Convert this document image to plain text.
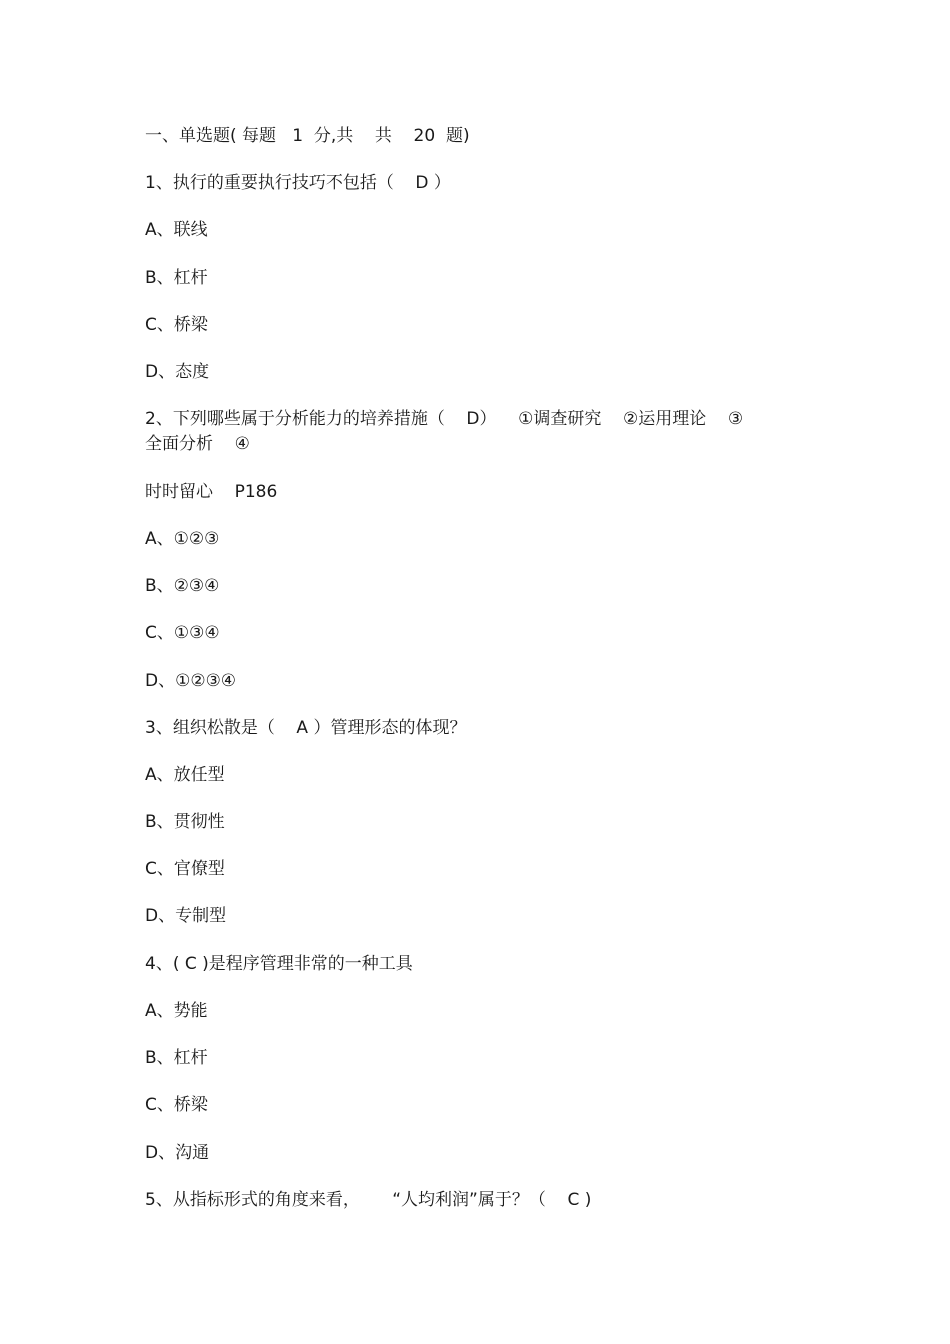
一、单选题( 每题   1  分,共    共    20  题)

1、执行的重要执行技巧不包括（    D ）

A、联线

B、杠杆

C、桥梁

D、态度

2、下列哪些属于分析能力的培养措施（    D）    ①调查研究    ②运用理论    ③

全面分析    ④

时时留心    P186

A、①②③

B、②③④

C、①③④

D、①②③④

3、组织松散是（    A ）管理形态的体现？

A、放任型

B、贯彻性

C、官僚型

D、专制型

4、( C )是程序管理非常的一种工具

A、势能

B、杠杆

C、桥梁

D、沟通

5、从指标形式的角度来看，      “人均利润”属于？（    C )
